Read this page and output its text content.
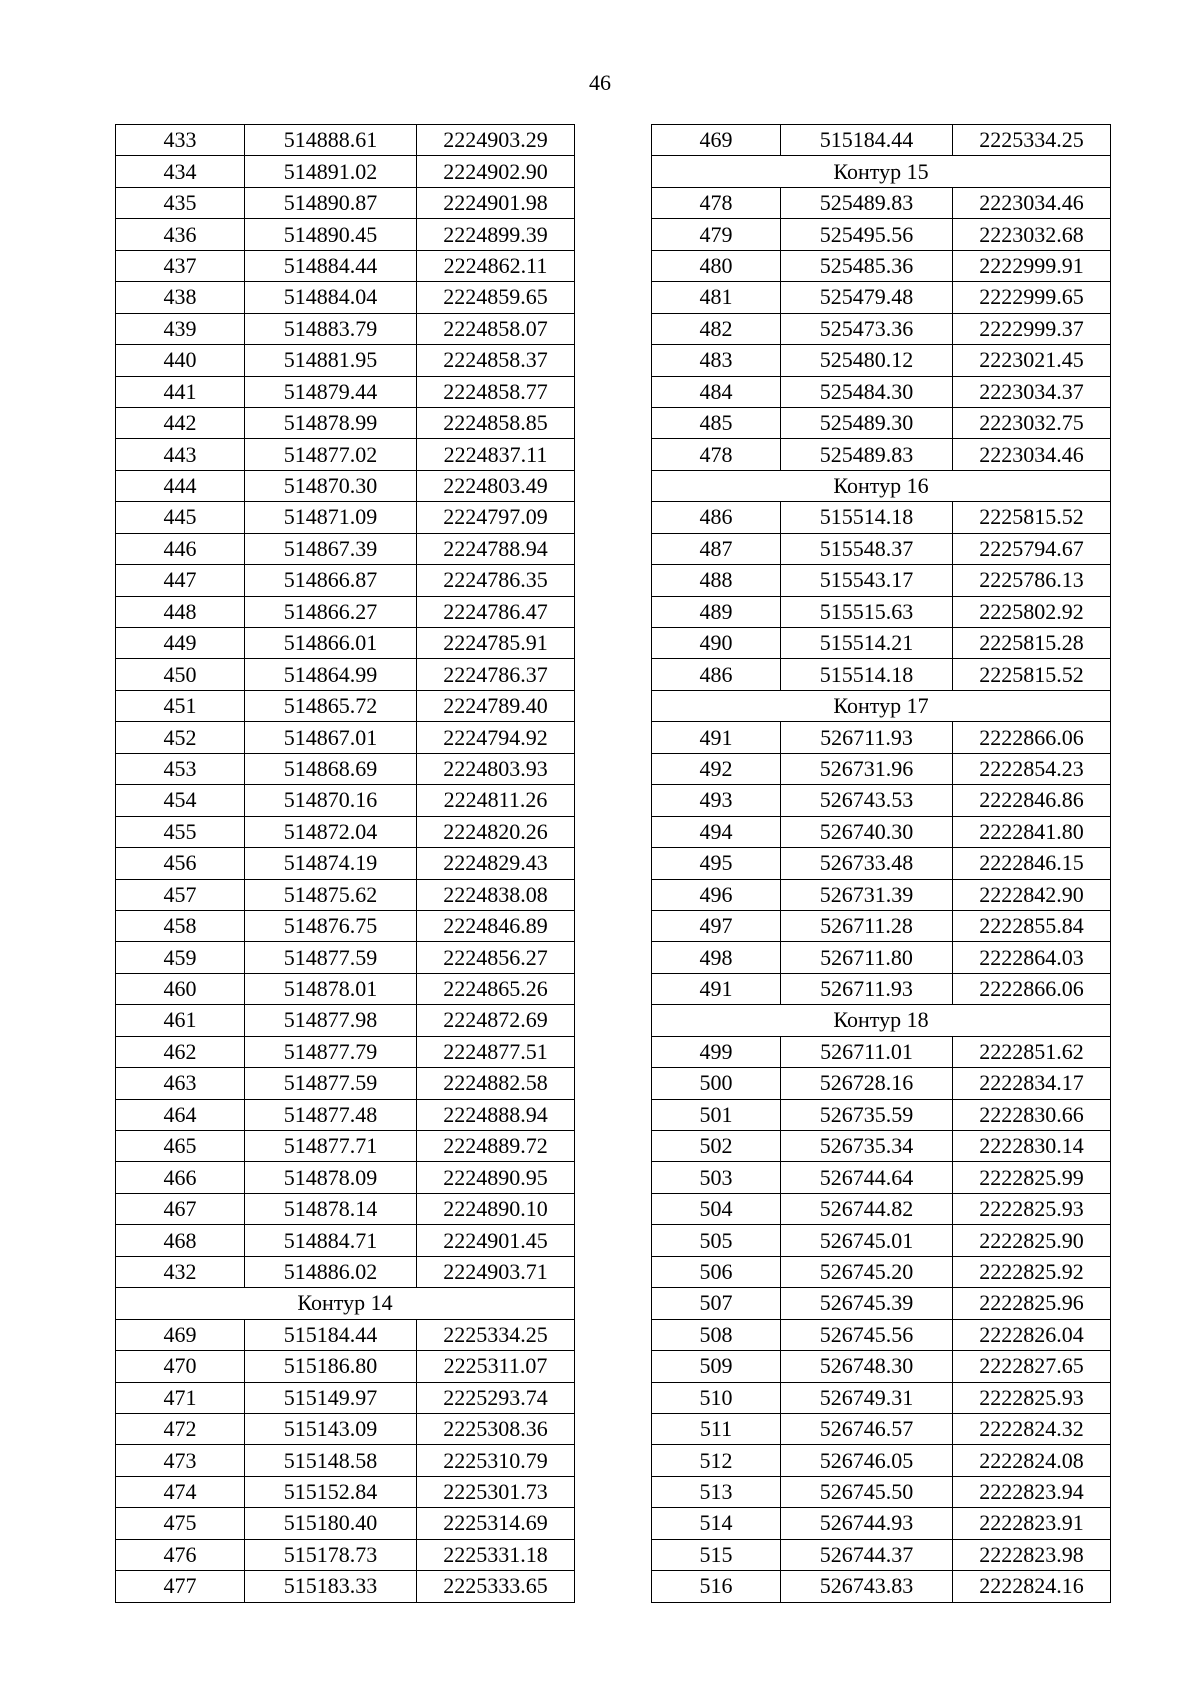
46
433	514888.61	2224903.29
434	514891.02	2224902.90
435	514890.87	2224901.98
436	514890.45	2224899.39
437	514884.44	2224862.11
438	514884.04	2224859.65
439	514883.79	2224858.07
440	514881.95	2224858.37
441	514879.44	2224858.77
442	514878.99	2224858.85
443	514877.02	2224837.11
444	514870.30	2224803.49
445	514871.09	2224797.09
446	514867.39	2224788.94
447	514866.87	2224786.35
448	514866.27	2224786.47
449	514866.01	2224785.91
450	514864.99	2224786.37
451	514865.72	2224789.40
452	514867.01	2224794.92
453	514868.69	2224803.93
454	514870.16	2224811.26
455	514872.04	2224820.26
456	514874.19	2224829.43
457	514875.62	2224838.08
458	514876.75	2224846.89
459	514877.59	2224856.27
460	514878.01	2224865.26
461	514877.98	2224872.69
462	514877.79	2224877.51
463	514877.59	2224882.58
464	514877.48	2224888.94
465	514877.71	2224889.72
466	514878.09	2224890.95
467	514878.14	2224890.10
468	514884.71	2224901.45
432	514886.02	2224903.71
Контур 14		
469	515184.44	2225334.25
470	515186.80	2225311.07
471	515149.97	2225293.74
472	515143.09	2225308.36
473	515148.58	2225310.79
474	515152.84	2225301.73
475	515180.40	2225314.69
476	515178.73	2225331.18
477	515183.33	2225333.65
469	515184.44	2225334.25
Контур 15		
478	525489.83	2223034.46
479	525495.56	2223032.68
480	525485.36	2222999.91
481	525479.48	2222999.65
482	525473.36	2222999.37
483	525480.12	2223021.45
484	525484.30	2223034.37
485	525489.30	2223032.75
478	525489.83	2223034.46
Контур 16		
486	515514.18	2225815.52
487	515548.37	2225794.67
488	515543.17	2225786.13
489	515515.63	2225802.92
490	515514.21	2225815.28
486	515514.18	2225815.52
Контур 17		
491	526711.93	2222866.06
492	526731.96	2222854.23
493	526743.53	2222846.86
494	526740.30	2222841.80
495	526733.48	2222846.15
496	526731.39	2222842.90
497	526711.28	2222855.84
498	526711.80	2222864.03
491	526711.93	2222866.06
Контур 18		
499	526711.01	2222851.62
500	526728.16	2222834.17
501	526735.59	2222830.66
502	526735.34	2222830.14
503	526744.64	2222825.99
504	526744.82	2222825.93
505	526745.01	2222825.90
506	526745.20	2222825.92
507	526745.39	2222825.96
508	526745.56	2222826.04
509	526748.30	2222827.65
510	526749.31	2222825.93
511	526746.57	2222824.32
512	526746.05	2222824.08
513	526745.50	2222823.94
514	526744.93	2222823.91
515	526744.37	2222823.98
516	526743.83	2222824.16
